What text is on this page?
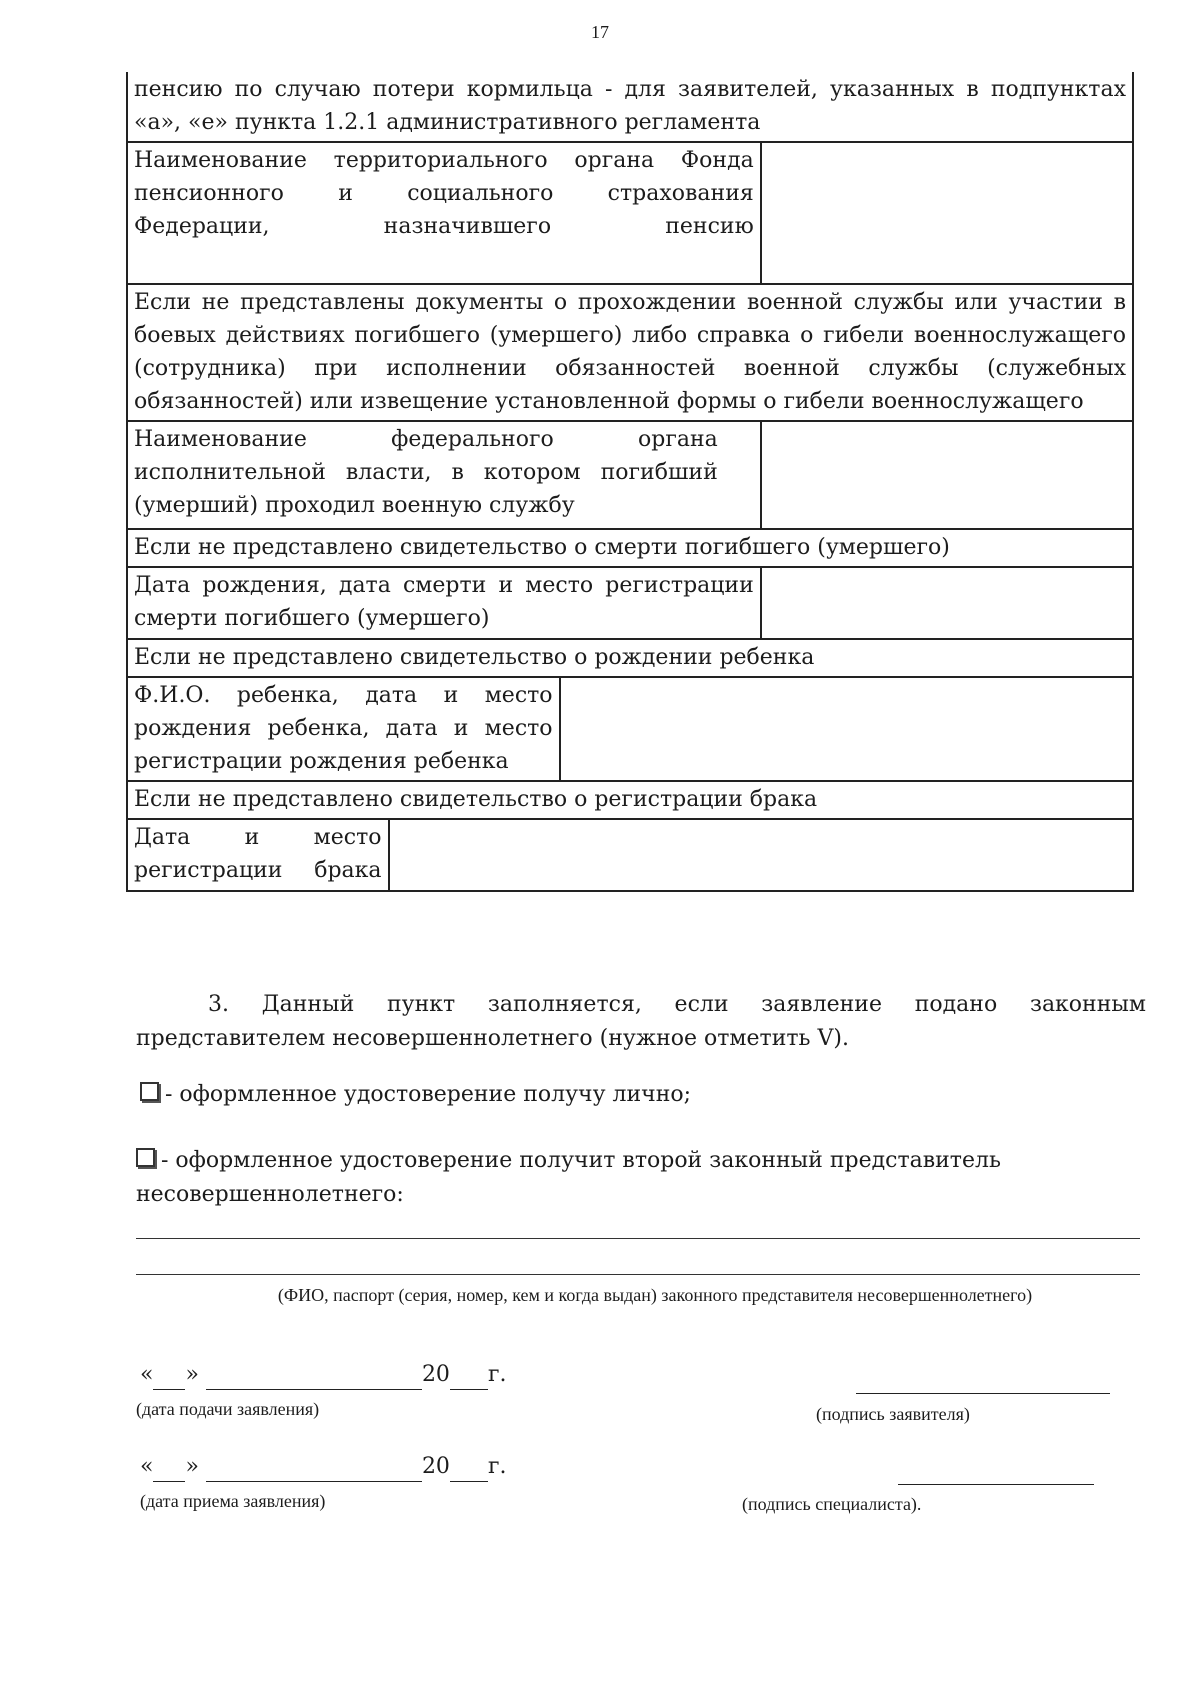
17
пенсию по случаю потери кормильца - для заявителей, указанных в подпунктах «а», «е» пункта 1.2.1 административного регламента			
Наименование территориального органа Фонда пенсионного и социального страхования Федерации, назначившего пенсию			
Если не представлены документы о прохождении военной службы или участии в боевых действиях погибшего (умершего) либо справка о гибели военнослужащего (сотрудника) при исполнении обязанностей военной службы (служебных обязанностей) или извещение установленной формы о гибели военнослужащего			
Наименование федерального органа исполнительной власти, в котором погибший (умерший) проходил военную службу			
Если не представлено свидетельство о смерти погибшего (умершего)			
Дата рождения, дата смерти и место регистрации смерти погибшего (умершего)			
Если не представлено свидетельство о рождении ребенка			
Ф.И.О. ребенка, дата и место рождения ребенка, дата и место регистрации рождения ребенка			
Если не представлено свидетельство о регистрации брака			
Дата и место регистрации брака			
3. Данный пункт заполняется, если заявление подано законным представителем несовершеннолетнего (нужное отметить V).
- оформленное удостоверение получу лично;
- оформленное удостоверение получит второй законный представитель несовершеннолетнего:
(ФИО, паспорт (серия, номер, кем и когда выдан) законного представителя несовершеннолетнего)
« »	20 г.
(дата подачи заявления)	(подпись заявителя)
« »	20 г.
(дата приема заявления)	(подпись специалиста).
